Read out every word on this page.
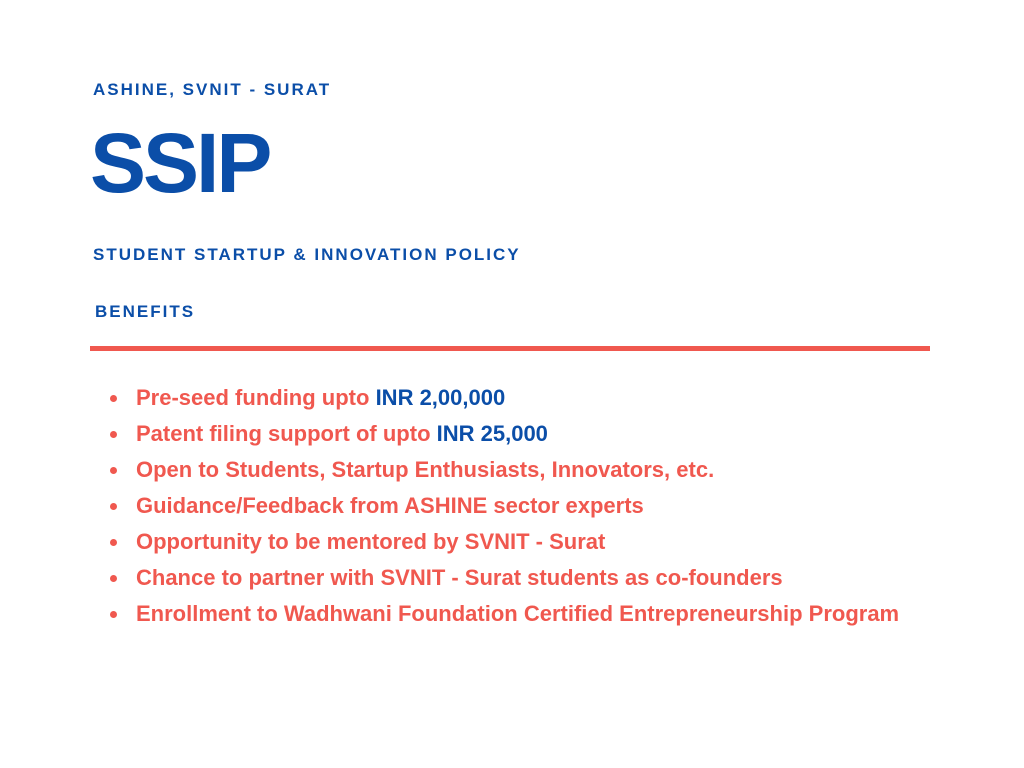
ASHINE, SVNIT - SURAT
SSIP
STUDENT STARTUP & INNOVATION POLICY
BENEFITS
Pre-seed funding upto INR 2,00,000
Patent filing support of upto INR 25,000
Open to Students, Startup Enthusiasts, Innovators, etc.
Guidance/Feedback from ASHINE sector experts
Opportunity to be mentored by SVNIT - Surat
Chance to partner with SVNIT - Surat students as co-founders
Enrollment to Wadhwani Foundation Certified Entrepreneurship Program
